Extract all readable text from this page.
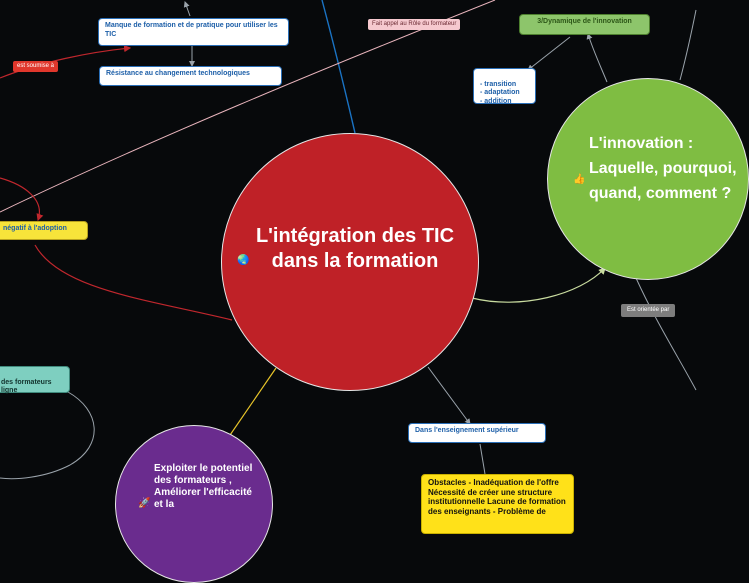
🌏
L'intégration des TIC dans la formation
👍
L'innovation : Laquelle, pourquoi, quand, comment ?
🚀
Exploiter le potentiel des formateurs , Améliorer l'efficacité et la
Manque de formation et de pratique pour utiliser les TIC
Résistance au changement technologiques

- transition
- adaptation
- addition

Dans l'enseignement supérieur
3/Dynamique de l'innovation
négatif à l'adoption
Obstacles - Inadéquation de l'offre Nécessité de créer une structure institutionnelle Lacune de formation des enseignants - Problème de

des formateurs
ligne

est soumise à
Fait appel au Rôle du formateur
Est orientée par
